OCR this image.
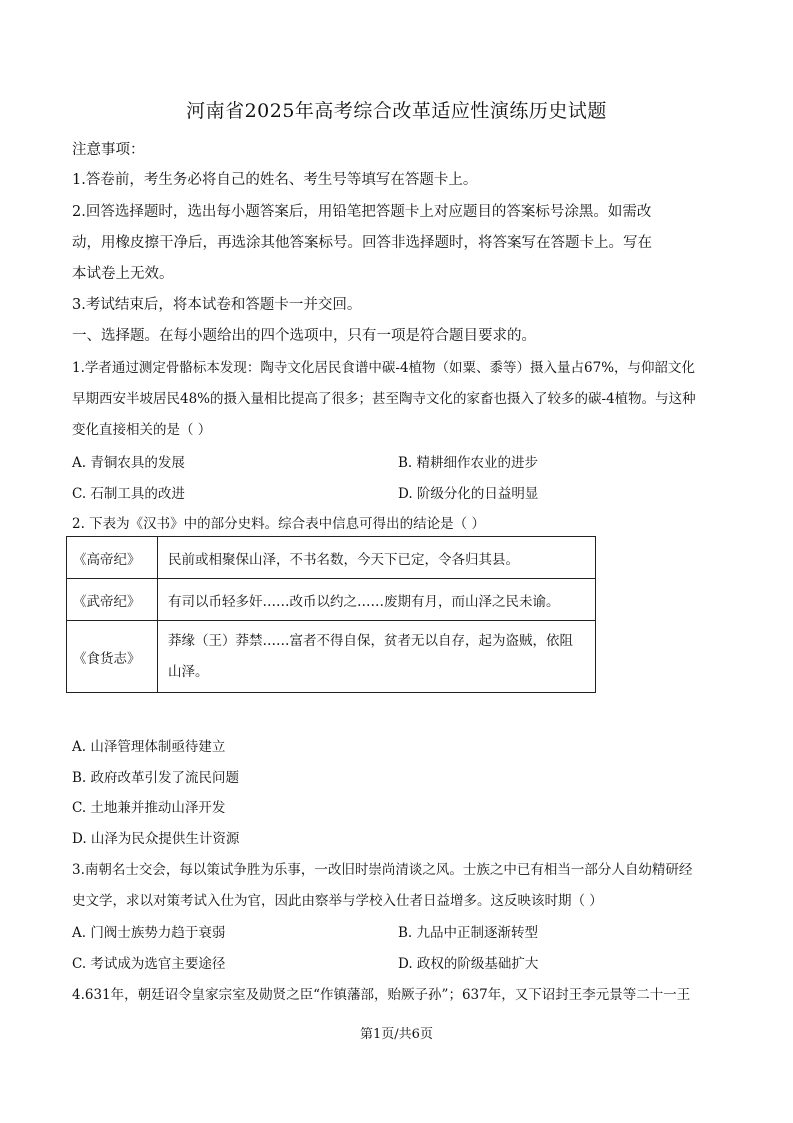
河南省2025年高考综合改革适应性演练历史试题
注意事项：
1.答卷前，考生务必将自己的姓名、考生号等填写在答题卡上。
2.回答选择题时，选出每小题答案后，用铅笔把答题卡上对应题目的答案标号涂黑。如需改
动，用橡皮擦干净后，再选涂其他答案标号。回答非选择题时，将答案写在答题卡上。写在
本试卷上无效。
3.考试结束后，将本试卷和答题卡一并交回。
一、选择题。在每小题给出的四个选项中，只有一项是符合题目要求的。
1.学者通过测定骨骼标本发现：陶寺文化居民食谱中碳-4植物（如粟、黍等）摄入量占67%，与仰韶文化
早期西安半坡居民48%的摄入量相比提高了很多；甚至陶寺文化的家畜也摄入了较多的碳-4植物。与这种
变化直接相关的是（ ）
A. 青铜农具的发展	B. 精耕细作农业的进步
C. 石制工具的改进	D. 阶级分化的日益明显
2. 下表为《汉书》中的部分史料。综合表中信息可得出的结论是（ ）
《高帝纪》	民前或相聚保山泽，不书名数，今天下已定，令各归其县。
《武帝纪》	有司以币轻多奸……改币以约之……废期有月，而山泽之民未谕。
《食货志》	莽缘（王）莽禁……富者不得自保，贫者无以自存，起为盗贼，依阻
山泽。
A. 山泽管理体制亟待建立
B. 政府改革引发了流民问题
C. 土地兼并推动山泽开发
D. 山泽为民众提供生计资源
3.南朝名士交会，每以策试争胜为乐事，一改旧时崇尚清谈之风。士族之中已有相当一部分人自幼精研经
史文学，求以对策考试入仕为官，因此由察举与学校入仕者日益增多。这反映该时期（ ）
A. 门阀士族势力趋于衰弱	B. 九品中正制逐渐转型
C. 考试成为选官主要途径	D. 政权的阶级基础扩大
4.631年，朝廷诏令皇家宗室及勋贤之臣“作镇藩部，贻厥子孙”；637年，又下诏封王李元景等二十一王
第1页/共6页
